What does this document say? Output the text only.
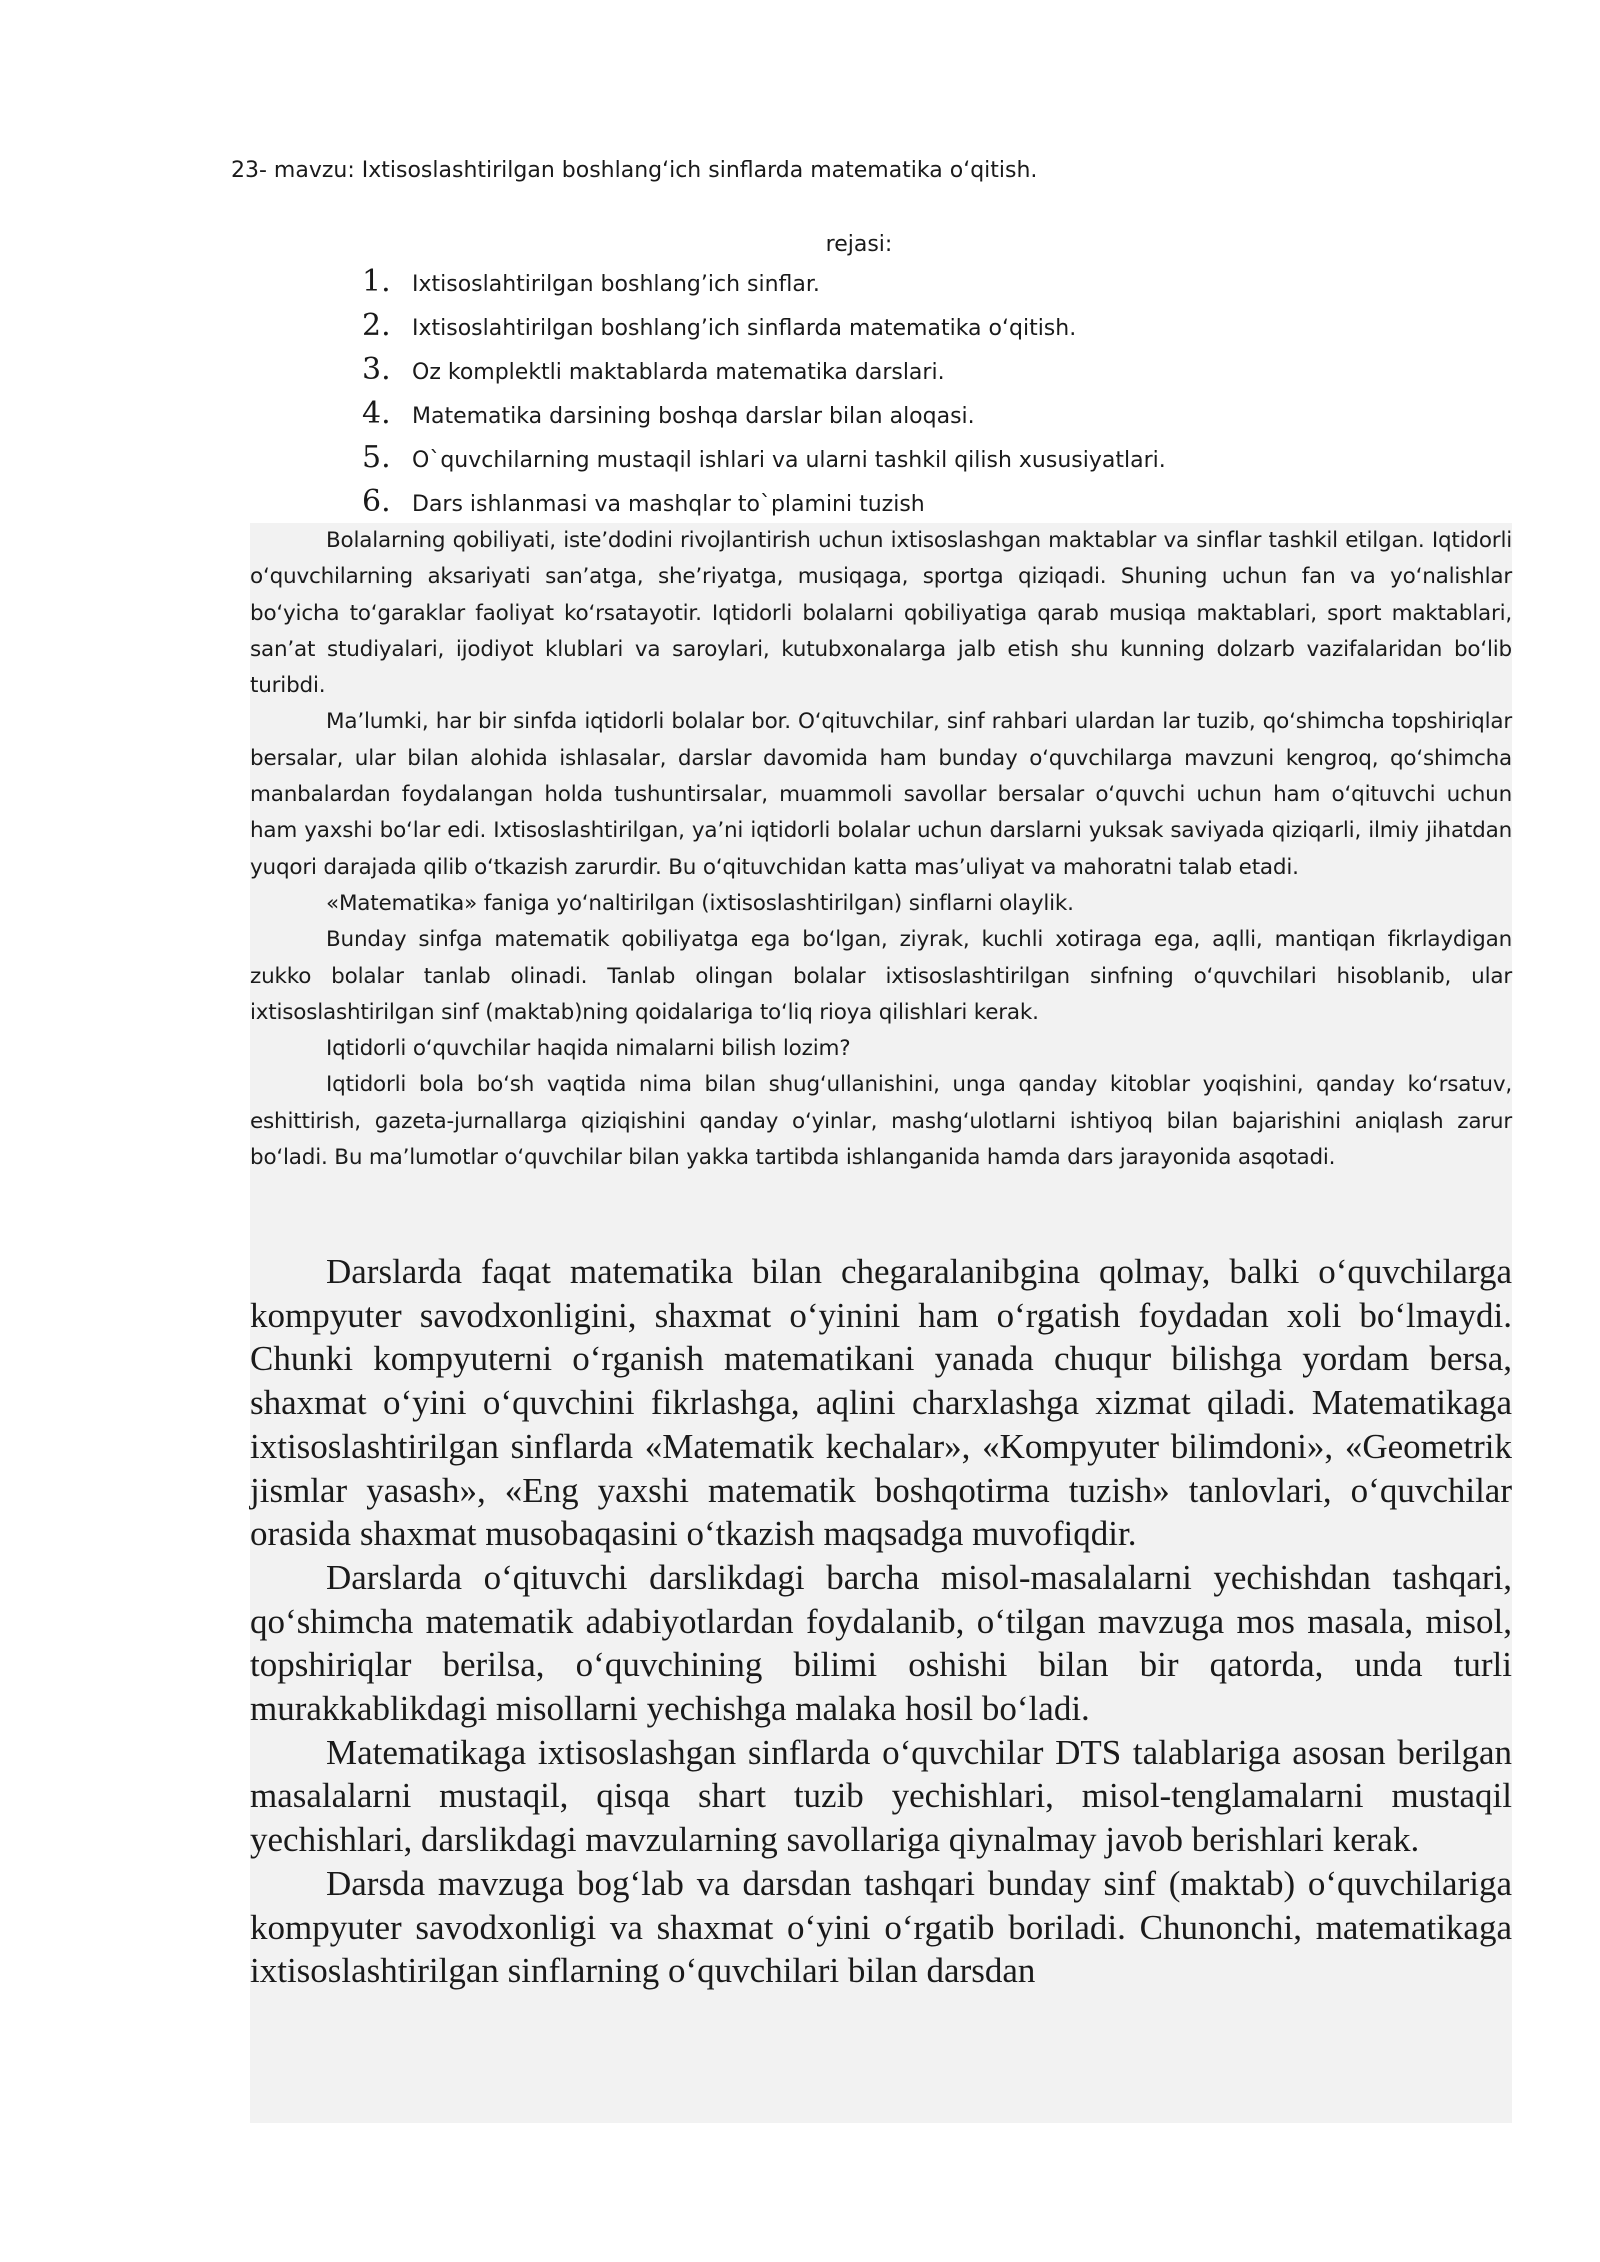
23- mavzu: Ixtisoslashtirilgan boshlang‘ich sinflarda matematika o‘qitish.

rejasi:

1. Ixtisoslahtirilgan boshlang’ich sinflar.
2. Ixtisoslahtirilgan boshlang’ich sinflarda matematika o‘qitish.
3. Oz komplektli maktablarda matematika darslari.
4. Matematika darsining boshqa darslar bilan aloqasi.
5. O`quvchilarning mustaqil ishlari va ularni tashkil qilish xususiyatlari.
6. Dars ishlanmasi va mashqlar to`plamini tuzish

Bolalarning qobiliyati, iste’dodini rivojlantirish uchun ixtisoslashgan maktablar va sinflar tashkil etilgan. Iqtidorli o‘quvchilarning aksariyati san’atga, she’riyatga, musiqaga, sportga qiziqadi. Shuning uchun fan va yo‘nalishlar bo‘yicha to‘garaklar faoliyat ko‘rsatayotir. Iqtidorli bolalarni qobiliyatiga qarab musiqa maktablari, sport maktablari, san’at studiyalari, ijodiyot klublari va saroylari, kutubxonalarga jalb etish shu kunning dolzarb vazifalaridan bo‘lib turibdi.

Ma’lumki, har bir sinfda iqtidorli bolalar bor. O‘qituvchilar, sinf rahbari ulardan lar tuzib, qo‘shimcha topshiriqlar bersalar, ular bilan alohida ishlasalar, darslar davomida ham bunday o‘quvchilarga mavzuni kengroq, qo‘shimcha manbalardan foydalangan holda tushuntirsalar, muammoli savollar bersalar o‘quvchi uchun ham o‘qituvchi uchun ham yaxshi bo‘lar edi. Ixtisoslashtirilgan, ya’ni iqtidorli bolalar uchun darslarni yuksak saviyada qiziqarli, ilmiy jihatdan yuqori darajada qilib o‘tkazish zarurdir. Bu o‘qituvchidan katta mas’uliyat va mahoratni talab etadi.

«Matematika» faniga yo‘naltirilgan (ixtisoslashtirilgan) sinflarni olaylik.

Bunday sinfga matematik qobiliyatga ega bo‘lgan, ziyrak, kuchli xotiraga ega, aqlli, mantiqan fikrlaydigan zukko bolalar tanlab olinadi. Tanlab olingan bolalar ixtisoslashtirilgan sinfning o‘quvchilari hisoblanib, ular ixtisoslashtirilgan sinf (maktab)ning qoidalariga to‘liq rioya qilishlari kerak.

Iqtidorli o‘quvchilar haqida nimalarni bilish lozim?

Iqtidorli bola bo‘sh vaqtida nima bilan shug‘ullanishini, unga qanday kitoblar yoqishini, qanday ko‘rsatuv, eshittirish, gazeta-jurnallarga qiziqishini qanday o‘yinlar, mashg‘ulotlarni ishtiyoq bilan bajarishini aniqlash zarur bo‘ladi. Bu ma’lumotlar o‘quvchilar bilan yakka tartibda ishlanganida hamda dars jarayonida asqotadi.

Darslarda faqat matematika bilan chegaralanibgina qolmay, balki o‘quvchilarga kompyuter savodxonligini, shaxmat o‘yinini ham o‘rgatish foydadan xoli bo‘lmaydi. Chunki kompyuterni o‘rganish matematikani yanada chuqur bilishga yordam bersa, shaxmat o‘yini o‘quvchini fikrlashga, aqlini charxlashga xizmat qiladi. Matematikaga ixtisoslashtirilgan sinflarda «Matematik kechalar», «Kompyuter bilimdoni», «Geometrik jismlar yasash», «Eng yaxshi matematik boshqotirma tuzish» tanlovlari, o‘quvchilar orasida shaxmat musobaqasini o‘tkazish maqsadga muvofiqdir.

Darslarda o‘qituvchi darslikdagi barcha misol-masalalarni yechishdan tashqari, qo‘shimcha matematik adabiyotlardan foydalanib, o‘tilgan mavzuga mos masala, misol, topshiriqlar berilsa, o‘quvchining bilimi oshishi bilan bir qatorda, unda turli murakkablikdagi misollarni yechishga malaka hosil bo‘ladi.

Matematikaga ixtisoslashgan sinflarda o‘quvchilar DTS talablariga asosan berilgan masalalarni mustaqil, qisqa shart tuzib yechishlari, misol-tenglamalarni mustaqil yechishlari, darslikdagi mavzularning savollariga qiynalmay javob berishlari kerak.

Darsda mavzuga bog‘lab va darsdan tashqari bunday sinf (maktab) o‘quvchilariga kompyuter savodxonligi va shaxmat o‘yini o‘rgatib boriladi. Chunonchi, matematikaga ixtisoslashtirilgan sinflarning o‘quvchilari bilan darsdan
